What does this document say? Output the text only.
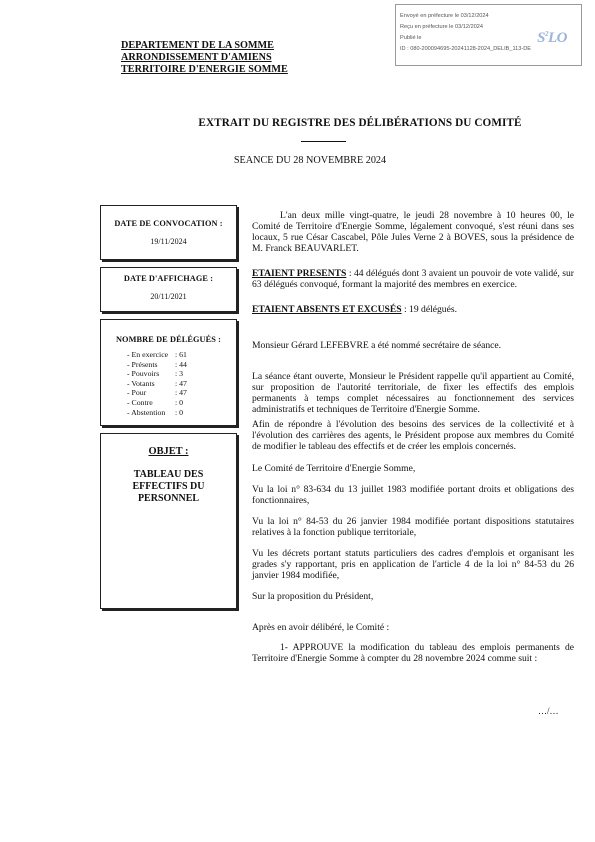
Envoyé en préfecture le 03/12/2024
Reçu en préfecture le 03/12/2024
Publié le
ID : 080-200094695-20241128-2024_DELIB_113-DE
$S^2LO$
DEPARTEMENT DE LA SOMME
ARRONDISSEMENT D'AMIENS
TERRITOIRE D'ENERGIE SOMME
EXTRAIT DU REGISTRE DES DÉLIBÉRATIONS DU COMITÉ
SEANCE DU 28 NOVEMBRE 2024
DATE DE CONVOCATION :
19/11/2024
DATE D'AFFICHAGE :
20/11/2021
NOMBRE DE DÉLÉGUÉS :
- En exercice : 61
- Présents	: 44
- Pouvoirs	: 3
- Votants	: 47
- Pour	: 47
- Contre	: 0
- Abstention	: 0
OBJET :
TABLEAU DES
EFFECTIFS DU
PERSONNEL

L'an deux mille vingt-quatre, le jeudi 28 novembre à 10 heures 00, le Comité de Territoire d'Energie Somme, légalement convoqué, s'est réuni dans ses locaux, 5 rue César Cascabel, Pôle Jules Verne 2 à BOVES, sous la présidence de M. Franck BEAUVARLET.

ETAIENT PRESENTS : 44 délégués dont 3 avaient un pouvoir de vote validé, sur 63 délégués convoqué, formant la majorité des membres en exercice.

ETAIENT ABSENTS ET EXCUSÉS : 19 délégués.

Monsieur Gérard LEFEBVRE a été nommé secrétaire de séance.

La séance étant ouverte, Monsieur le Président rappelle qu'il appartient au Comité, sur proposition de l'autorité territoriale, de fixer les effectifs des emplois permanents à temps complet nécessaires au fonctionnement des services administratifs et techniques de Territoire d'Energie Somme.

Afin de répondre à l'évolution des besoins des services de la collectivité et à l'évolution des carrières des agents, le Président propose aux membres du Comité de modifier le tableau des effectifs et de créer les emplois concernés.

Le Comité de Territoire d'Energie Somme,

Vu la loi n° 83-634 du 13 juillet 1983 modifiée portant droits et obligations des fonctionnaires,

Vu la loi n° 84-53 du 26 janvier 1984 modifiée portant dispositions statutaires relatives à la fonction publique territoriale,

Vu les décrets portant statuts particuliers des cadres d'emplois et organisant les grades s'y rapportant, pris en application de l'article 4 de la loi n° 84-53 du 26 janvier 1984 modifiée,

Sur la proposition du Président,

Après en avoir délibéré, le Comité :

1- APPROUVE la modification du tableau des emplois permanents de Territoire d'Energie Somme à compter du 28 novembre 2024 comme suit :

…/…
